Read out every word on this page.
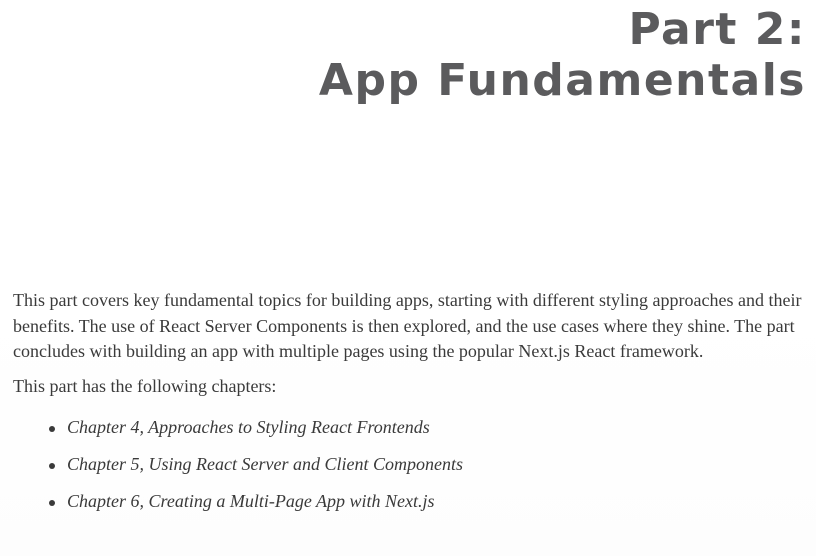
Part 2:
App Fundamentals

This part covers key fundamental topics for building apps, starting with different styling approaches and their benefits. The use of React Server Components is then explored, and the use cases where they shine. The part concludes with building an app with multiple pages using the popular Next.js React framework.

This part has the following chapters:

Chapter 4, Approaches to Styling React Frontends
Chapter 5, Using React Server and Client Components
Chapter 6, Creating a Multi-Page App with Next.js
